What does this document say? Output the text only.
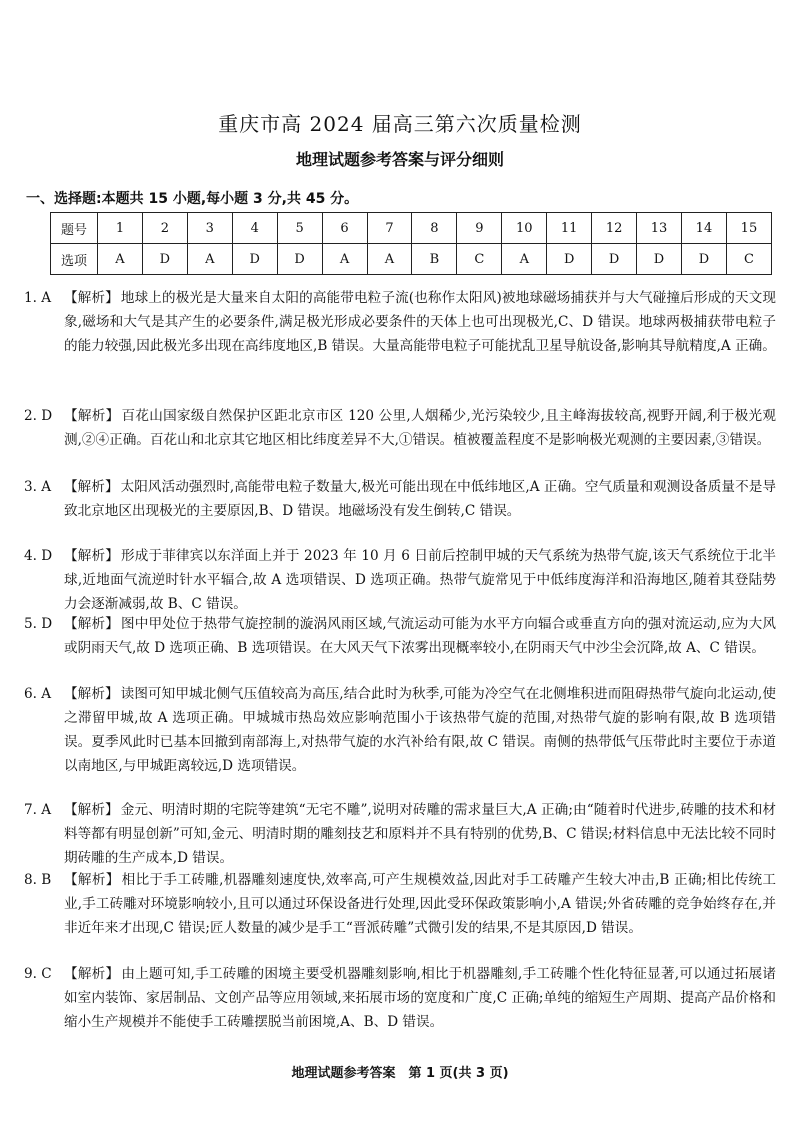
重庆市高 2024 届高三第六次质量检测
地理试题参考答案与评分细则
一、选择题:本题共 15 小题,每小题 3 分,共 45 分。
题号	1	2	3	4	5	6	7	8	9	10	11	12	13	14	15
选项	A	D	A	D	D	A	A	B	C	A	D	D	D	D	C
1. A 【解析】 地球上的极光是大量来自太阳的高能带电粒子流(也称作太阳风)被地球磁场捕获并与大气碰撞后形成的天文现象,磁场和大气是其产生的必要条件,满足极光形成必要条件的天体上也可出现极光,C、D 错误。地球两极捕获带电粒子的能力较强,因此极光多出现在高纬度地区,B 错误。大量高能带电粒子可能扰乱卫星导航设备,影响其导航精度,A 正确。
2. D 【解析】 百花山国家级自然保护区距北京市区 120 公里,人烟稀少,光污染较少,且主峰海拔较高,视野开阔,利于极光观测,②④正确。百花山和北京其它地区相比纬度差异不大,①错误。植被覆盖程度不是影响极光观测的主要因素,③错误。
3. A 【解析】 太阳风活动强烈时,高能带电粒子数量大,极光可能出现在中低纬地区,A 正确。空气质量和观测设备质量不是导致北京地区出现极光的主要原因,B、D 错误。地磁场没有发生倒转,C 错误。
4. D 【解析】 形成于菲律宾以东洋面上并于 2023 年 10 月 6 日前后控制甲城的天气系统为热带气旋,该天气系统位于北半球,近地面气流逆时针水平辐合,故 A 选项错误、D 选项正确。热带气旋常见于中低纬度海洋和沿海地区,随着其登陆势力会逐渐减弱,故 B、C 错误。
5. D 【解析】 图中甲处位于热带气旋控制的漩涡风雨区域,气流运动可能为水平方向辐合或垂直方向的强对流运动,应为大风或阴雨天气,故 D 选项正确、B 选项错误。在大风天气下浓雾出现概率较小,在阴雨天气中沙尘会沉降,故 A、C 错误。
6. A 【解析】 读图可知甲城北侧气压值较高为高压,结合此时为秋季,可能为冷空气在北侧堆积进而阻碍热带气旋向北运动,使之滞留甲城,故 A 选项正确。甲城城市热岛效应影响范围小于该热带气旋的范围,对热带气旋的影响有限,故 B 选项错误。夏季风此时已基本回撤到南部海上,对热带气旋的水汽补给有限,故 C 错误。南侧的热带低气压带此时主要位于赤道以南地区,与甲城距离较远,D 选项错误。
7. A 【解析】 金元、明清时期的宅院等建筑“无宅不雕”,说明对砖雕的需求量巨大,A 正确;由“随着时代进步,砖雕的技术和材料等都有明显创新”可知,金元、明清时期的雕刻技艺和原料并不具有特别的优势,B、C 错误;材料信息中无法比较不同时期砖雕的生产成本,D 错误。
8. B 【解析】 相比于手工砖雕,机器雕刻速度快,效率高,可产生规模效益,因此对手工砖雕产生较大冲击,B 正确;相比传统工业,手工砖雕对环境影响较小,且可以通过环保设备进行处理,因此受环保政策影响小,A 错误;外省砖雕的竞争始终存在,并非近年来才出现,C 错误;匠人数量的减少是手工“晋派砖雕”式微引发的结果,不是其原因,D 错误。
9. C 【解析】 由上题可知,手工砖雕的困境主要受机器雕刻影响,相比于机器雕刻,手工砖雕个性化特征显著,可以通过拓展诸如室内装饰、家居制品、文创产品等应用领域,来拓展市场的宽度和广度,C 正确;单纯的缩短生产周期、提高产品价格和缩小生产规模并不能使手工砖雕摆脱当前困境,A、B、D 错误。
地理试题参考答案　第 1 页(共 3 页)
